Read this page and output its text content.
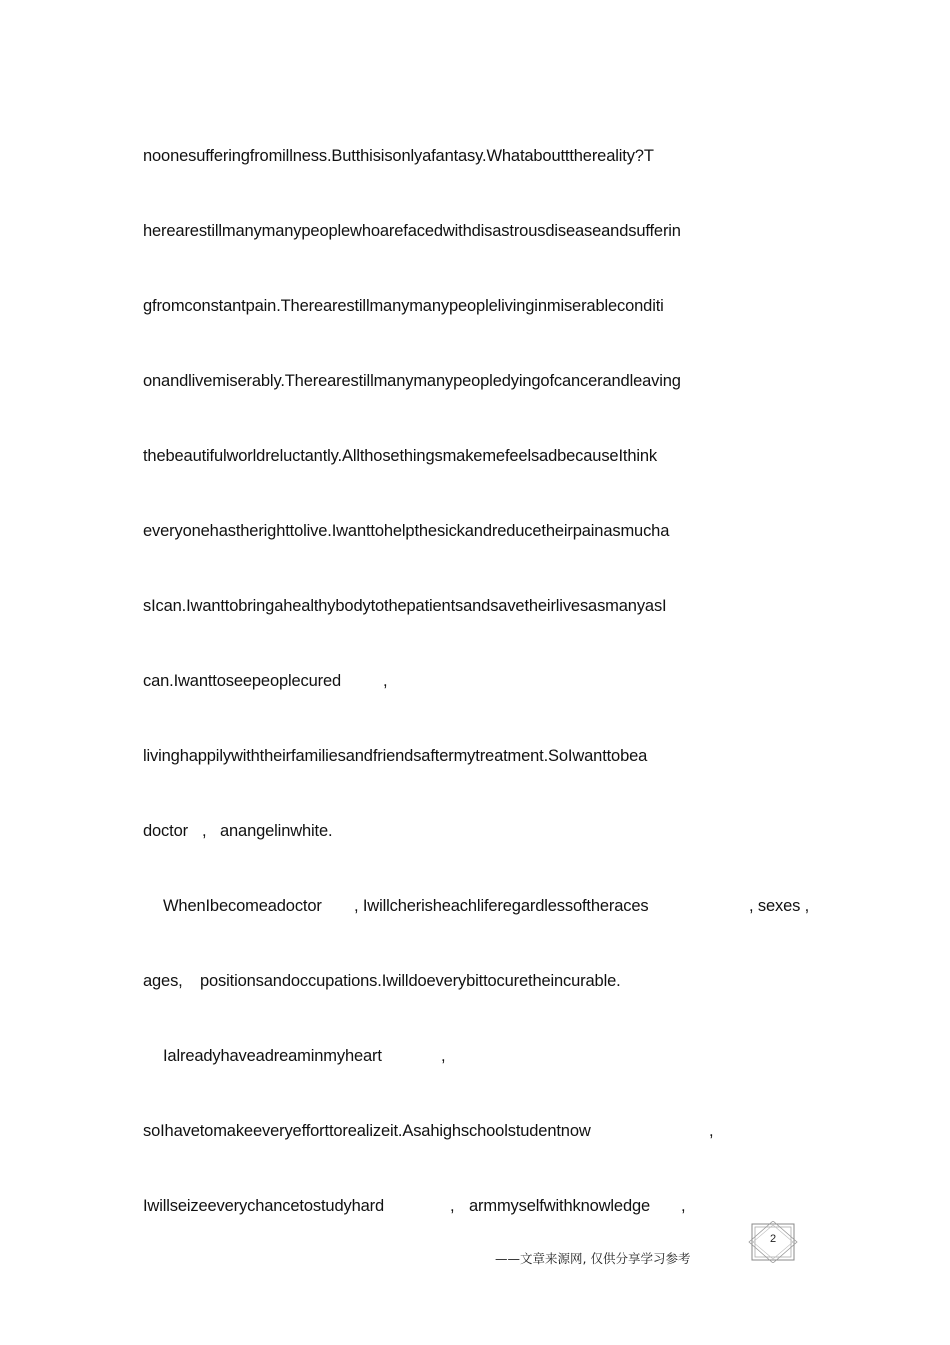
noonesufferingfromillness.Butthisisonlyafantasy.Whatabouttthereality?T
herearestillmanymanypeoplewhoarefacedwithdisastrousdiseaseandsufferin
gfromconstantpain.Therearestillmanymanypeoplelivinginmiserableconditi
onandlivemiserably.Therearestillmanymanypeopledyingofcancerandleaving
thebeautifulworldreluctantly.AllthosethingsmakemefeelsadbecauseIthink
everyonehastherighttolive.Iwanttohelpthesickandreducetheirpainasmucha
sIcan.IwanttobringahealthybodytothepatientsandsavetheirlivesasmanyasI
can.Iwanttoseepeoplecured	,
livinghappilywiththeirfamiliesandfriendsaftermytreatment.SoIwanttobea
doctor , anangelinwhite.
WhenIbecomeadoctor , Iwillcherisheachliferegardlessoftheraces	, sexes ,
ages, positionsandoccupations.Iwilldoeverybittocuretheincurable.
Ialreadyhaveadreaminmyheart	,
soIhavetomakeeveryefforttorealizeit.Asahighschoolstudentnow	,
Iwillseizeeverychancetostudyhard	, armmyselfwithknowledge ,
2
——文章来源网, 仅供分享学习参考
